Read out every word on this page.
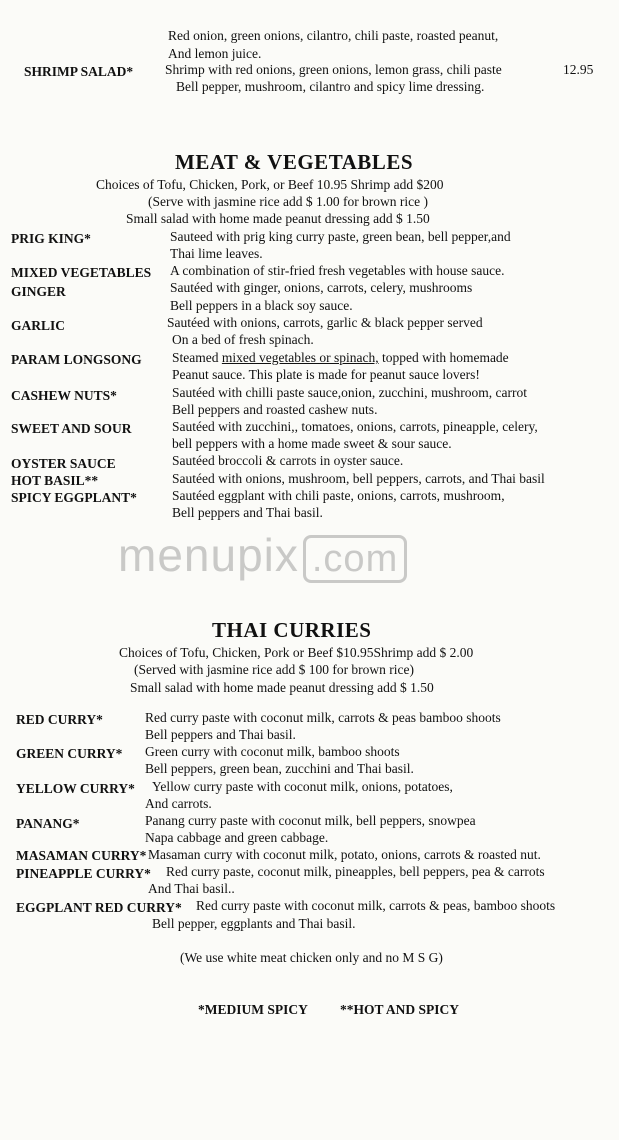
Red onion, green onions, cilantro, chili paste, roasted peanut,
And lemon juice.
SHRIMP SALAD* Shrimp with red onions, green onions, lemon grass, chili paste	12.95
Bell pepper, mushroom, cilantro and spicy lime dressing.
MEAT & VEGETABLES
Choices of Tofu, Chicken, Pork, or Beef 10.95 Shrimp add $200
(Serve with jasmine rice add $ 1.00 for brown rice )
Small salad with home made peanut dressing add $ 1.50
PRIG KING*	Sauteed with prig king curry paste, green bean, bell pepper,and
Thai lime leaves.
MIXED VEGETABLES A combination of stir-fried fresh vegetables with house sauce.
GINGER	Sautéed with ginger, onions, carrots, celery, mushrooms
Bell peppers in a black soy sauce.
GARLIC	Sautéed with onions, carrots, garlic & black pepper served
On a bed of fresh spinach.
PARAM LONGSONG Steamed mixed vegetables or spinach, topped with homemade
Peanut sauce. This plate is made for peanut sauce lovers!
CASHEW NUTS*	Sautéed with chilli paste sauce,onion, zucchini, mushroom, carrot
Bell peppers and roasted cashew nuts.
SWEET AND SOUR	Sautéed with zucchini,, tomatoes, onions, carrots, pineapple, celery,
bell peppers with a home made sweet & sour sauce.
OYSTER SAUCE	Sautéed broccoli & carrots in oyster sauce.
HOT BASIL**	Sautéed with onions, mushroom, bell peppers, carrots, and Thai basil
SPICY EGGPLANT*	Sautéed eggplant with chili paste, onions, carrots, mushroom,
Bell peppers and Thai basil.
menupix .com
THAI CURRIES
Choices of Tofu, Chicken, Pork or Beef $10.95Shrimp add $ 2.00
(Served with jasmine rice add $ 100 for brown rice)
Small salad with home made peanut dressing add $ 1.50
RED CURRY*	Red curry paste with coconut milk, carrots & peas bamboo shoots
Bell peppers and Thai basil.
GREEN CURRY* Green curry with coconut milk, bamboo shoots
Bell peppers, green bean, zucchini and Thai basil.
YELLOW CURRY* Yellow curry paste with coconut milk, onions, potatoes,
And carrots.
PANANG*	Panang curry paste with coconut milk, bell peppers, snowpea
Napa cabbage and green cabbage.
MASAMAN CURRY* Masaman curry with coconut milk, potato, onions, carrots & roasted nut.
PINEAPPLE CURRY* Red curry paste, coconut milk, pineapples, bell peppers, pea & carrots
And Thai basil..
EGGPLANT RED CURRY* Red curry paste with coconut milk, carrots & peas, bamboo shoots
Bell pepper, eggplants and Thai basil.
(We use white meat chicken only and no M S G)
*MEDIUM SPICY **HOT AND SPICY
